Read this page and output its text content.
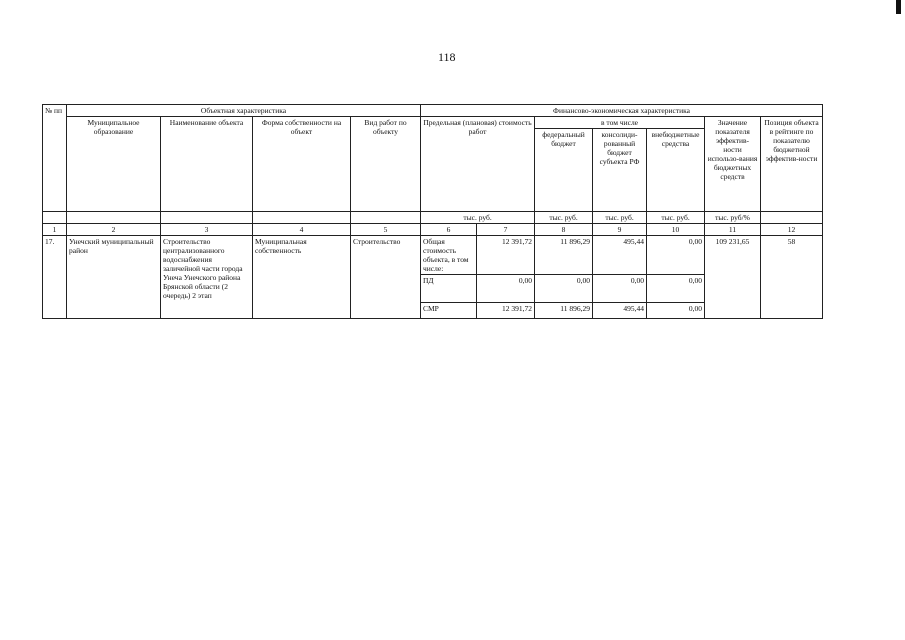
118
№ пп	Объектная характеристика				Финансово-экономическая характеристика						
	Муниципальное образование	Наименование объекта	Форма собственности на объект	Вид работ по объекту	Предельная (плановая) стоимость работ		в том числе			Значение показателя эффектив-ности использо-вания бюджетных средств	Позиция объекта в рейтинге по показателю бюджетной эффектив-ности
							федеральный бюджет	консолиди-рованный бюджет субъекта РФ	внебюджетные средства		
					тыс. руб.		тыс. руб.	тыс. руб.	тыс. руб.	тыс. руб/%	
1	2	3	4	5	6	7	8	9	10	11	12
17.	Унечский муниципальный район	Строительство централизованного водоснабжения заличейной части города Унеча Унечского района Брянской области (2 очередь) 2 этап	Муниципальная собственность	Строительство	Общая стоимость объекта, в том числе:	12 391,72	11 896,29	495,44	0,00	109 231,65	58
					ПД	0,00	0,00	0,00	0,00		
					СМР	12 391,72	11 896,29	495,44	0,00		
